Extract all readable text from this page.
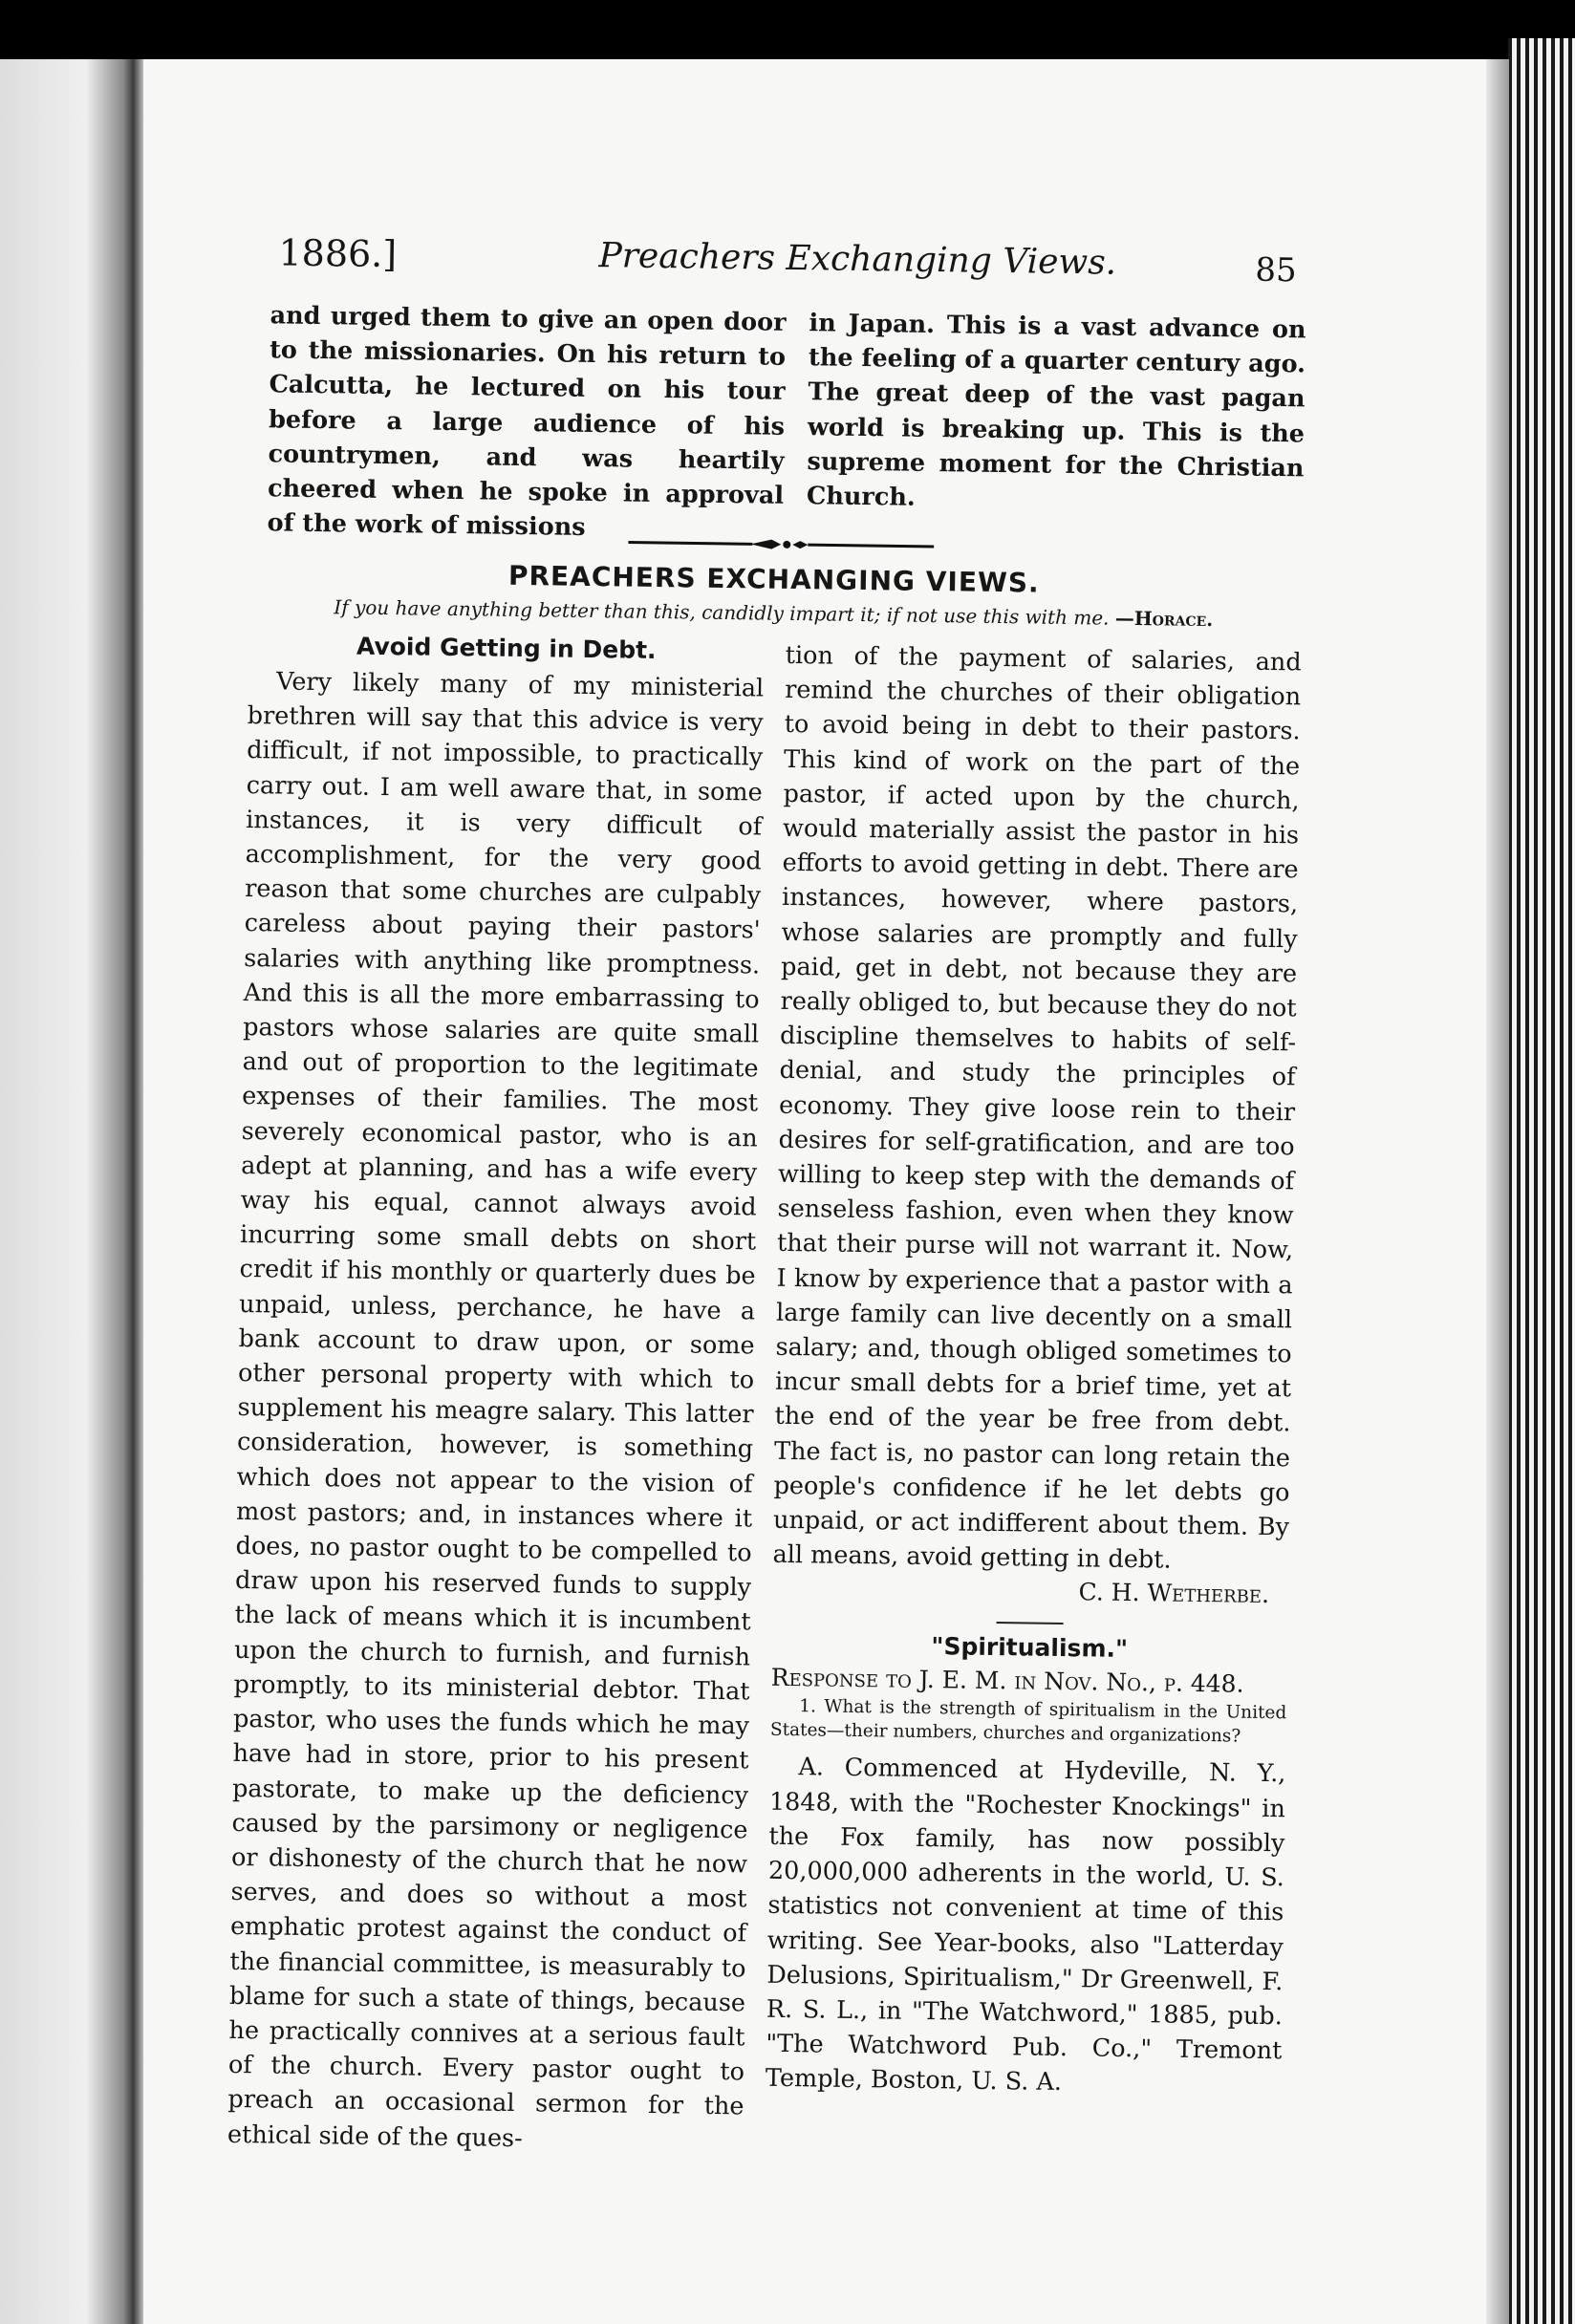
1886.]	Preachers Exchanging Views.	85

and urged them to give an open door to the missionaries. On his return to Calcutta, he lectured on his tour before a large audience of his countrymen, and was heartily cheered when he spoke in approval of the work of missions

in Japan. This is a vast advance on the feeling of a quarter century ago. The great deep of the vast pagan world is breaking up. This is the supreme moment for the Christian Church.

PREACHERS EXCHANGING VIEWS.
If you have anything better than this, candidly impart it; if not use this with me. —Horace.
Avoid Getting in Debt.

Very likely many of my ministerial brethren will say that this advice is very difficult, if not impossible, to practically carry out. I am well aware that, in some instances, it is very difficult of accomplishment, for the very good reason that some churches are culpably careless about paying their pastors' salaries with anything like promptness. And this is all the more embarrassing to pastors whose salaries are quite small and out of proportion to the legitimate expenses of their families. The most severely economical pastor, who is an adept at planning, and has a wife every way his equal, cannot always avoid incurring some small debts on short credit if his monthly or quarterly dues be unpaid, unless, perchance, he have a bank account to draw upon, or some other personal property with which to supplement his meagre salary. This latter consideration, however, is something which does not appear to the vision of most pastors; and, in instances where it does, no pastor ought to be compelled to draw upon his reserved funds to supply the lack of means which it is incumbent upon the church to furnish, and furnish promptly, to its ministerial debtor. That pastor, who uses the funds which he may have had in store, prior to his present pastorate, to make up the deficiency caused by the parsimony or negligence or dishonesty of the church that he now serves, and does so without a most emphatic protest against the conduct of the financial committee, is measurably to blame for such a state of things, because he practically connives at a serious fault of the church. Every pastor ought to preach an occasional sermon for the ethical side of the ques-

tion of the payment of salaries, and remind the churches of their obligation to avoid being in debt to their pastors. This kind of work on the part of the pastor, if acted upon by the church, would materially assist the pastor in his efforts to avoid getting in debt. There are instances, however, where pastors, whose salaries are promptly and fully paid, get in debt, not because they are really obliged to, but because they do not discipline themselves to habits of self-denial, and study the principles of economy. They give loose rein to their desires for self-gratification, and are too willing to keep step with the demands of senseless fashion, even when they know that their purse will not warrant it. Now, I know by experience that a pastor with a large family can live decently on a small salary; and, though obliged sometimes to incur small debts for a brief time, yet at the end of the year be free from debt. The fact is, no pastor can long retain the people's confidence if he let debts go unpaid, or act indifferent about them. By all means, avoid getting in debt.

C. H. Wetherbe.

"Spiritualism."

Response to J. E. M. in Nov. No., p. 448.

1. What is the strength of spiritualism in the United States—their numbers, churches and organizations?

A. Commenced at Hydeville, N. Y., 1848, with the "Rochester Knockings" in the Fox family, has now possibly 20,000,000 adherents in the world, U. S. statistics not convenient at time of this writing. See Year-books, also "Latterday Delusions, Spiritualism," Dr Greenwell, F. R. S. L., in "The Watchword," 1885, pub. "The Watchword Pub. Co.," Tremont Temple, Boston, U. S. A.
